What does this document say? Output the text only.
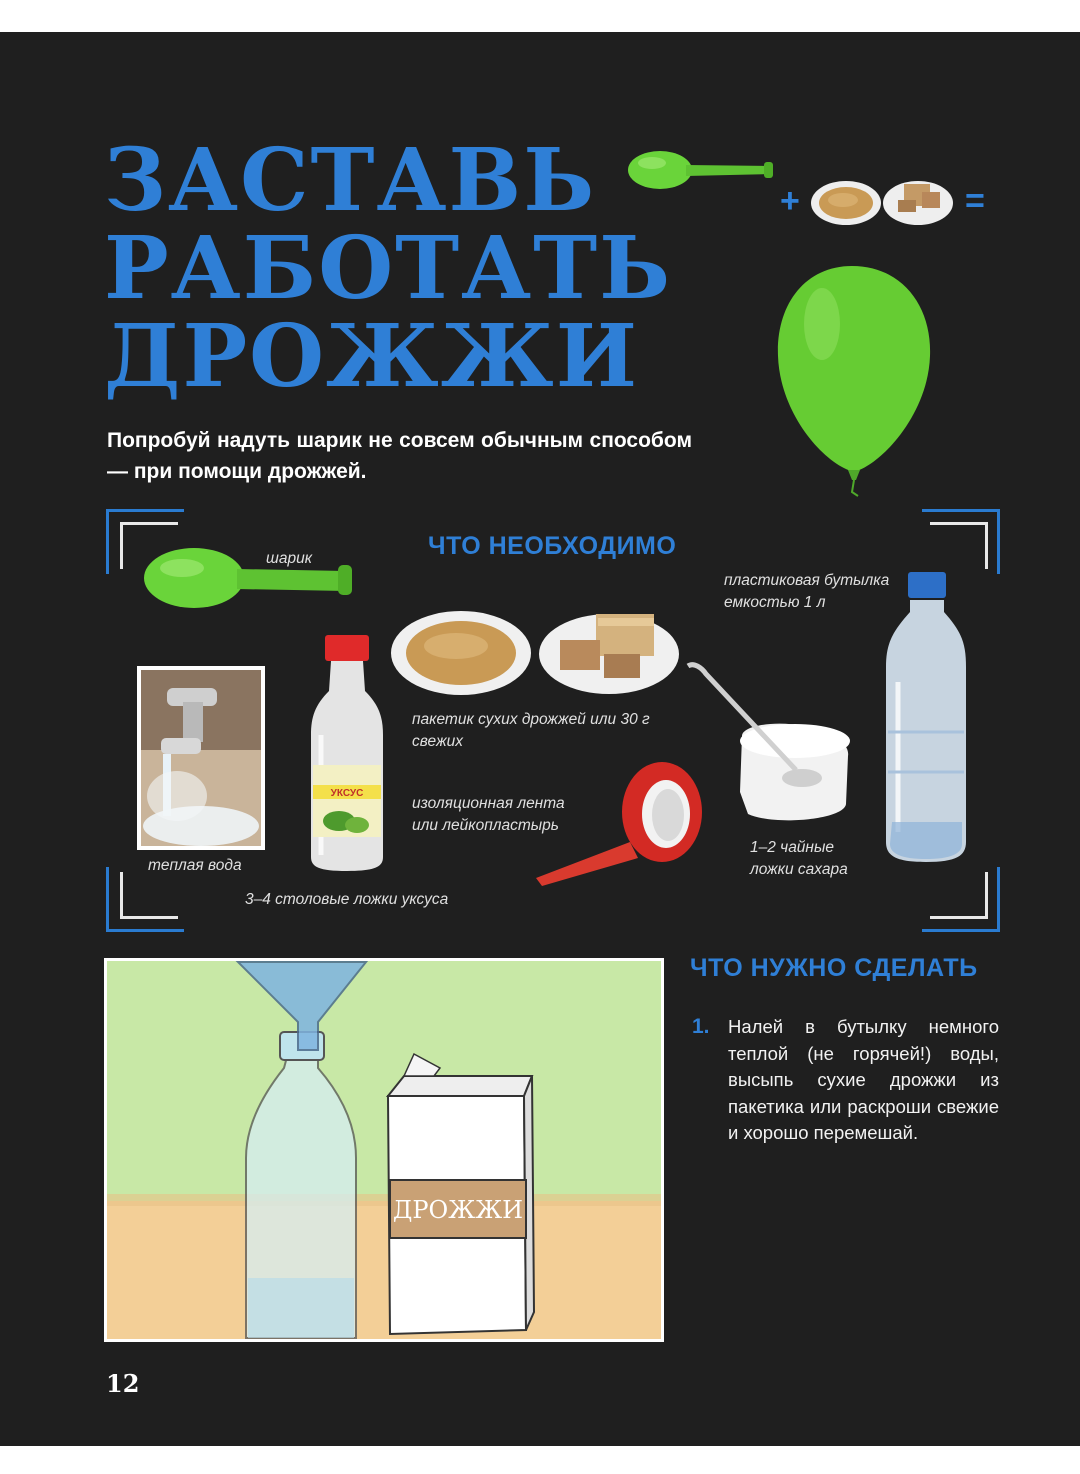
ЗАСТАВЬ
РАБОТАТЬ
ДРОЖЖИ
+	=

Попробуй надуть шарик не совсем обычным способом — при помощи дрожжей.

ЧТО НЕОБХОДИМО

шарик

пластиковая бутылка
емкостью 1 л

пакетик сухих дрожжей или 30 г
свежих

теплая вода

УКСУС

3–4 столовые ложки уксуса

изоляционная лента
или лейкопластырь

1–2 чайные
ложки сахара

ДРОЖЖИ
ЧТО НУЖНО СДЕЛАТЬ
1. Налей в бутылку немного теплой (не горячей!) воды, высыпь сухие дрожжи из пакетика или раскроши свежие и хорошо перемешай.

12
